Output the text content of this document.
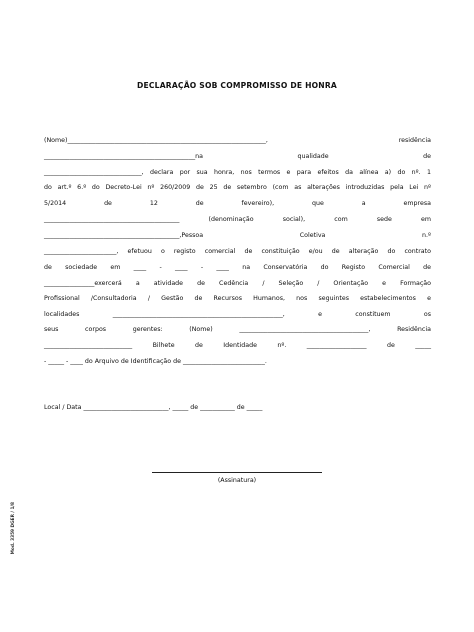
DECLARAÇÃO SOB COMPROMISSO DE HONRA
(Nome)_______________________________________________________________, residência
________________________________________________na qualidade de
_______________________________, declara por sua honra, nos termos e para efeitos da alínea a) do nº. 1
do art.º 6.º do Decreto-Lei nº 260/2009 de 25 de setembro (com as alterações introduzidas pela Lei nº
5/2014 de 12 de fevereiro), que a empresa
___________________________________________ (denominação social), com sede em
___________________________________________,Pessoa Coletiva n.º
_______________________, efetuou o registo comercial de constituição e/ou de alteração do contrato
de sociedade em ____ - ____ - ____ na Conservatória do Registo Comercial de
________________exercerá a atividade de Cedência / Seleção / Orientação e Formação
Profissional /Consultadoria / Gestão de Recursos Humanos, nos seguintes estabelecimentos e
localidades ______________________________________________________, e constituem os
seus corpos gerentes: (Nome) _________________________________________, Residência
____________________________ Bilhete de Identidade nº. ___________________ de _____
- _____ - ____ do Arquivo de Identificação de __________________________.
Local / Data ___________________________, _____ de ___________ de _____
(Assinatura)
Mod. 3359 DGER / 1/8
